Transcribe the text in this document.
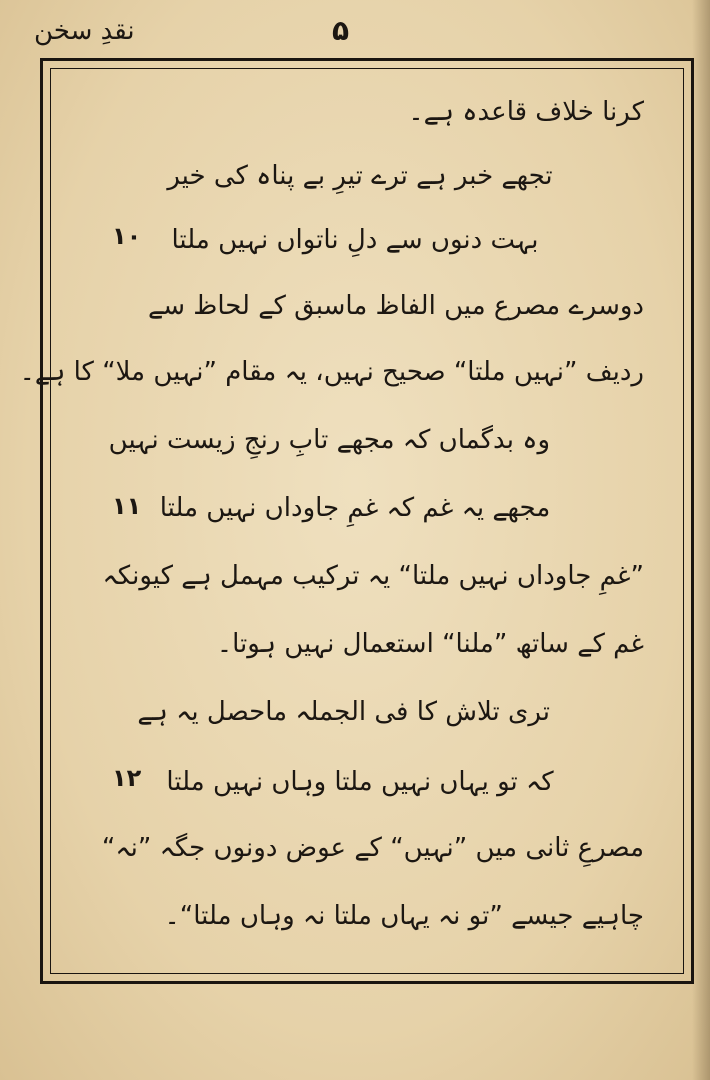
نقدِ سخن	۵
کرنا خلاف قاعدہ ہے۔
تجھے خبر ہے ترے تیرِ بے پناہ کی خیر
بہت دنوں سے دلِ ناتواں نہیں ملتا
۱۰
دوسرے مصرع میں الفاظ ماسبق کے لحاظ سے
ردیف ”نہیں ملتا“ صحیح نہیں، یہ مقام ”نہیں ملا“ کا ہے۔
وہ بدگماں کہ مجھے تابِ رنجِ زیست نہیں
مجھے یہ غم کہ غمِ جاوداں نہیں ملتا
۱۱
”غمِ جاوداں نہیں ملتا“ یہ ترکیب مہمل ہے کیونکہ
غم کے ساتھ ”ملنا“ استعمال نہیں ہوتا۔
تری تلاش کا فی الجملہ ماحصل یہ ہے
کہ تو یہاں نہیں ملتا وہاں نہیں ملتا
۱۲
مصرعِ ثانی میں ”نہیں“ کے عوض دونوں جگہ ”نہ“
چاہیے جیسے ”تو نہ یہاں ملتا نہ وہاں ملتا“۔
